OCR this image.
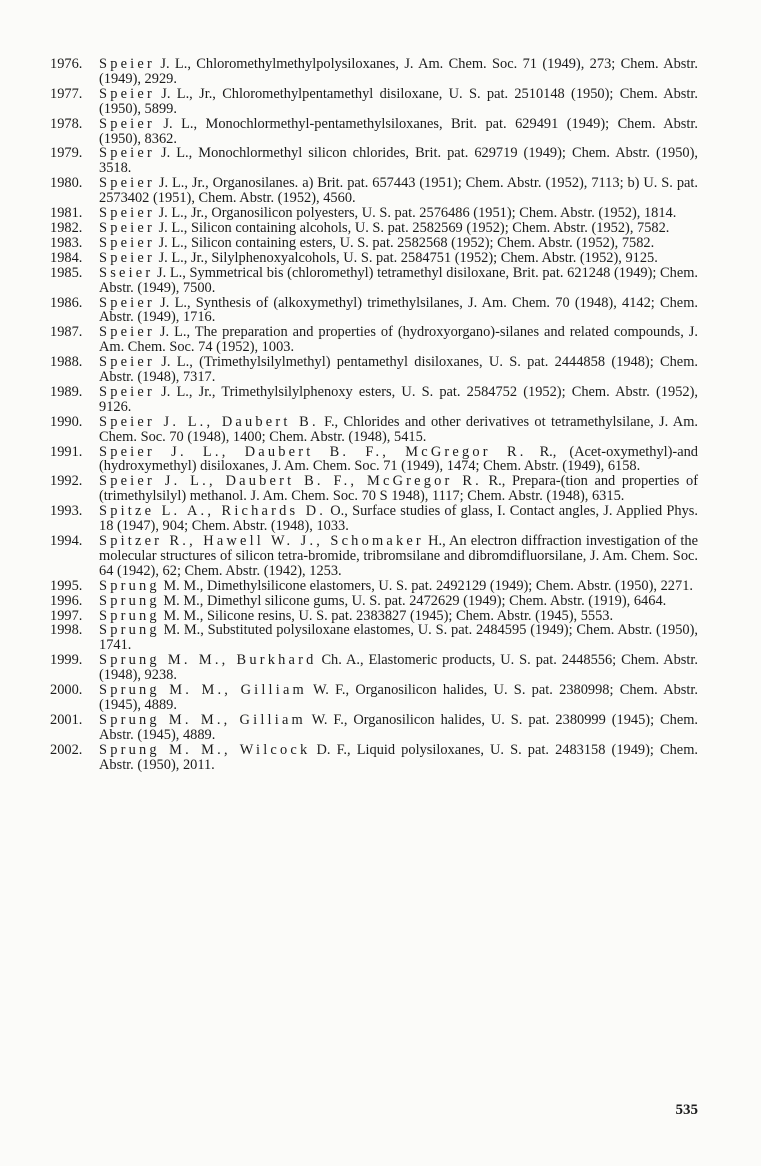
1976.	Speier J. L., Chloromethylmethylpolysiloxanes, J. Am. Chem. Soc. 71 (1949), 273; Chem. Abstr. (1949), 2929.
1977.	Speier J. L., Jr., Chloromethylpentamethyl disiloxane, U. S. pat. 2510148 (1950); Chem. Abstr. (1950), 5899.
1978.	Speier J. L., Monochlormethyl-pentamethylsiloxanes, Brit. pat. 629491 (1949); Chem. Abstr. (1950), 8362.
1979.	Speier J. L., Monochlormethyl silicon chlorides, Brit. pat. 629719 (1949); Chem. Abstr. (1950), 3518.
1980.	Speier J. L., Jr., Organosilanes. a) Brit. pat. 657443 (1951); Chem. Abstr. (1952), 7113; b) U. S. pat. 2573402 (1951), Chem. Abstr. (1952), 4560.
1981.	Speier J. L., Jr., Organosilicon polyesters, U. S. pat. 2576486 (1951); Chem. Abstr. (1952), 1814.
1982.	Speier J. L., Silicon containing alcohols, U. S. pat. 2582569 (1952); Chem. Abstr. (1952), 7582.
1983.	Speier J. L., Silicon containing esters, U. S. pat. 2582568 (1952); Chem. Abstr. (1952), 7582.
1984.	Speier J. L., Jr., Silylphenoxyalcohols, U. S. pat. 2584751 (1952); Chem. Abstr. (1952), 9125.
1985.	Sseier J. L., Symmetrical bis (chloromethyl) tetramethyl disiloxane, Brit. pat. 621248 (1949); Chem. Abstr. (1949), 7500.
1986.	Speier J. L., Synthesis of (alkoxymethyl) trimethylsilanes, J. Am. Chem. 70 (1948), 4142; Chem. Abstr. (1949), 1716.
1987.	Speier J. L., The preparation and properties of (hydroxyorgano)-silanes and related compounds, J. Am. Chem. Soc. 74 (1952), 1003.
1988.	Speier J. L., (Trimethylsilylmethyl) pentamethyl disiloxanes, U. S. pat. 2444858 (1948); Chem. Abstr. (1948), 7317.
1989.	Speier J. L., Jr., Trimethylsilylphenoxy esters, U. S. pat. 2584752 (1952); Chem. Abstr. (1952), 9126.
1990.	Speier J. L., Daubert B. F., Chlorides and other derivatives ot tetramethylsilane, J. Am. Chem. Soc. 70 (1948), 1400; Chem. Abstr. (1948), 5415.
1991.	Speier J. L., Daubert B. F., McGregor R. R., (Acet-oxymethyl)-and (hydroxymethyl) disiloxanes, J. Am. Chem. Soc. 71 (1949), 1474; Chem. Abstr. (1949), 6158.
1992.	Speier J. L., Daubert B. F., McGregor R. R., Prepara-(tion and properties of (trimethylsilyl) methanol. J. Am. Chem. Soc. 70 S 1948), 1117; Chem. Abstr. (1948), 6315.
1993.	Spitze L. A., Richards D. O., Surface studies of glass, I. Contact angles, J. Applied Phys. 18 (1947), 904; Chem. Abstr. (1948), 1033.
1994.	Spitzer R., Hawell W. J., Schomaker H., An electron diffraction investigation of the molecular structures of silicon tetra-bromide, tribromsilane and dibromdifluorsilane, J. Am. Chem. Soc. 64 (1942), 62; Chem. Abstr. (1942), 1253.
1995.	Sprung M. M., Dimethylsilicone elastomers, U. S. pat. 2492129 (1949); Chem. Abstr. (1950), 2271.
1996.	Sprung M. M., Dimethyl silicone gums, U. S. pat. 2472629 (1949); Chem. Abstr. (1919), 6464.
1997.	Sprung M. M., Silicone resins, U. S. pat. 2383827 (1945); Chem. Abstr. (1945), 5553.
1998.	Sprung M. M., Substituted polysiloxane elastomes, U. S. pat. 2484595 (1949); Chem. Abstr. (1950), 1741.
1999.	Sprung M. M., Burkhard Ch. A., Elastomeric products, U. S. pat. 2448556; Chem. Abstr. (1948), 9238.
2000.	Sprung M. M., Gilliam W. F., Organosilicon halides, U. S. pat. 2380998; Chem. Abstr. (1945), 4889.
2001.	Sprung M. M., Gilliam W. F., Organosilicon halides, U. S. pat. 2380999 (1945); Chem. Abstr. (1945), 4889.
2002.	Sprung M. M., Wilcock D. F., Liquid polysiloxanes, U. S. pat. 2483158 (1949); Chem. Abstr. (1950), 2011.
535
